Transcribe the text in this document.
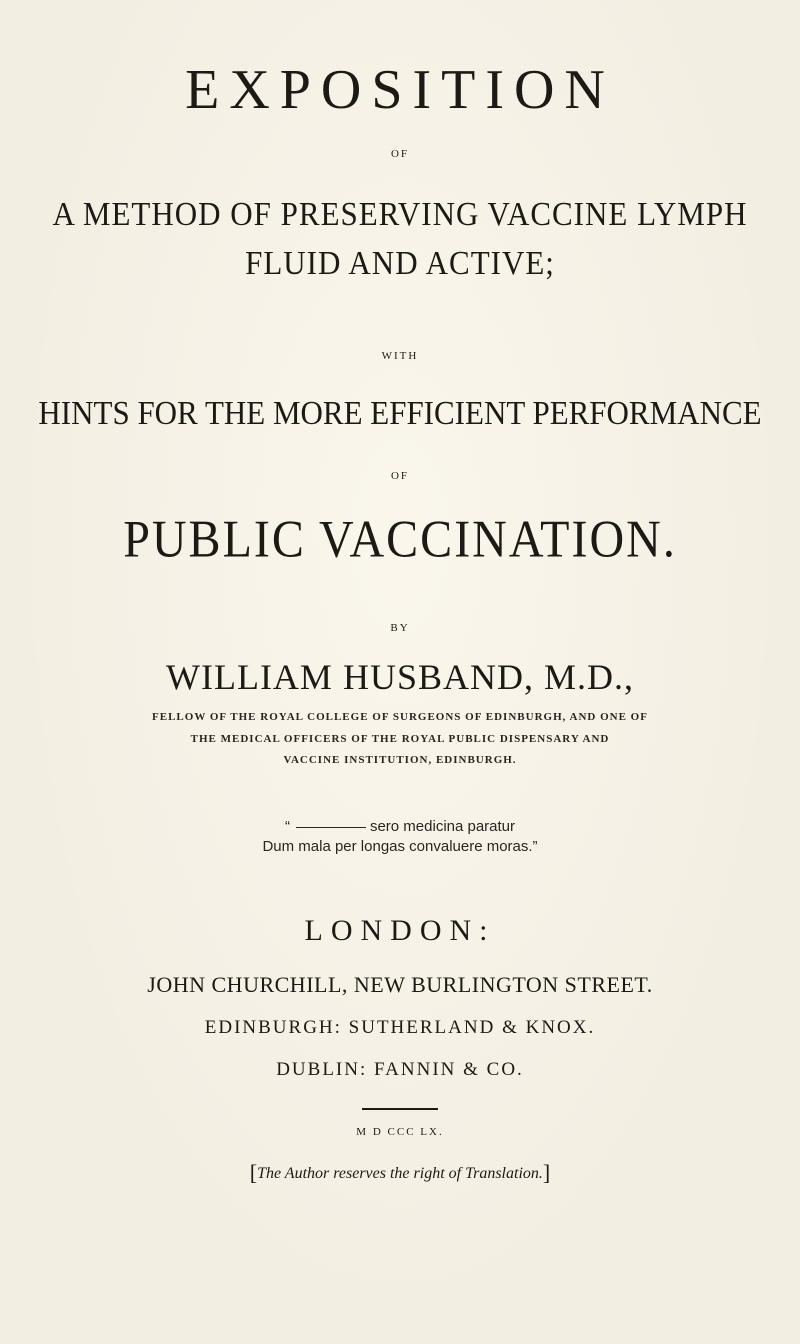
EXPOSITION
OF
A METHOD OF PRESERVING VACCINE LYMPH
FLUID AND ACTIVE;
WITH
HINTS FOR THE MORE EFFICIENT PERFORMANCE
OF
PUBLIC VACCINATION.
BY
WILLIAM HUSBAND, M.D.,
FELLOW OF THE ROYAL COLLEGE OF SURGEONS OF EDINBURGH, AND ONE OF
THE MEDICAL OFFICERS OF THE ROYAL PUBLIC DISPENSARY AND
VACCINE INSTITUTION, EDINBURGH.
“	sero medicina paratur
Dum mala per longas convaluere moras.”
LONDON:
JOHN CHURCHILL, NEW BURLINGTON STREET.
EDINBURGH: SUTHERLAND & KNOX.
DUBLIN: FANNIN & CO.
M D CCC LX.
[The Author reserves the right of Translation.]
